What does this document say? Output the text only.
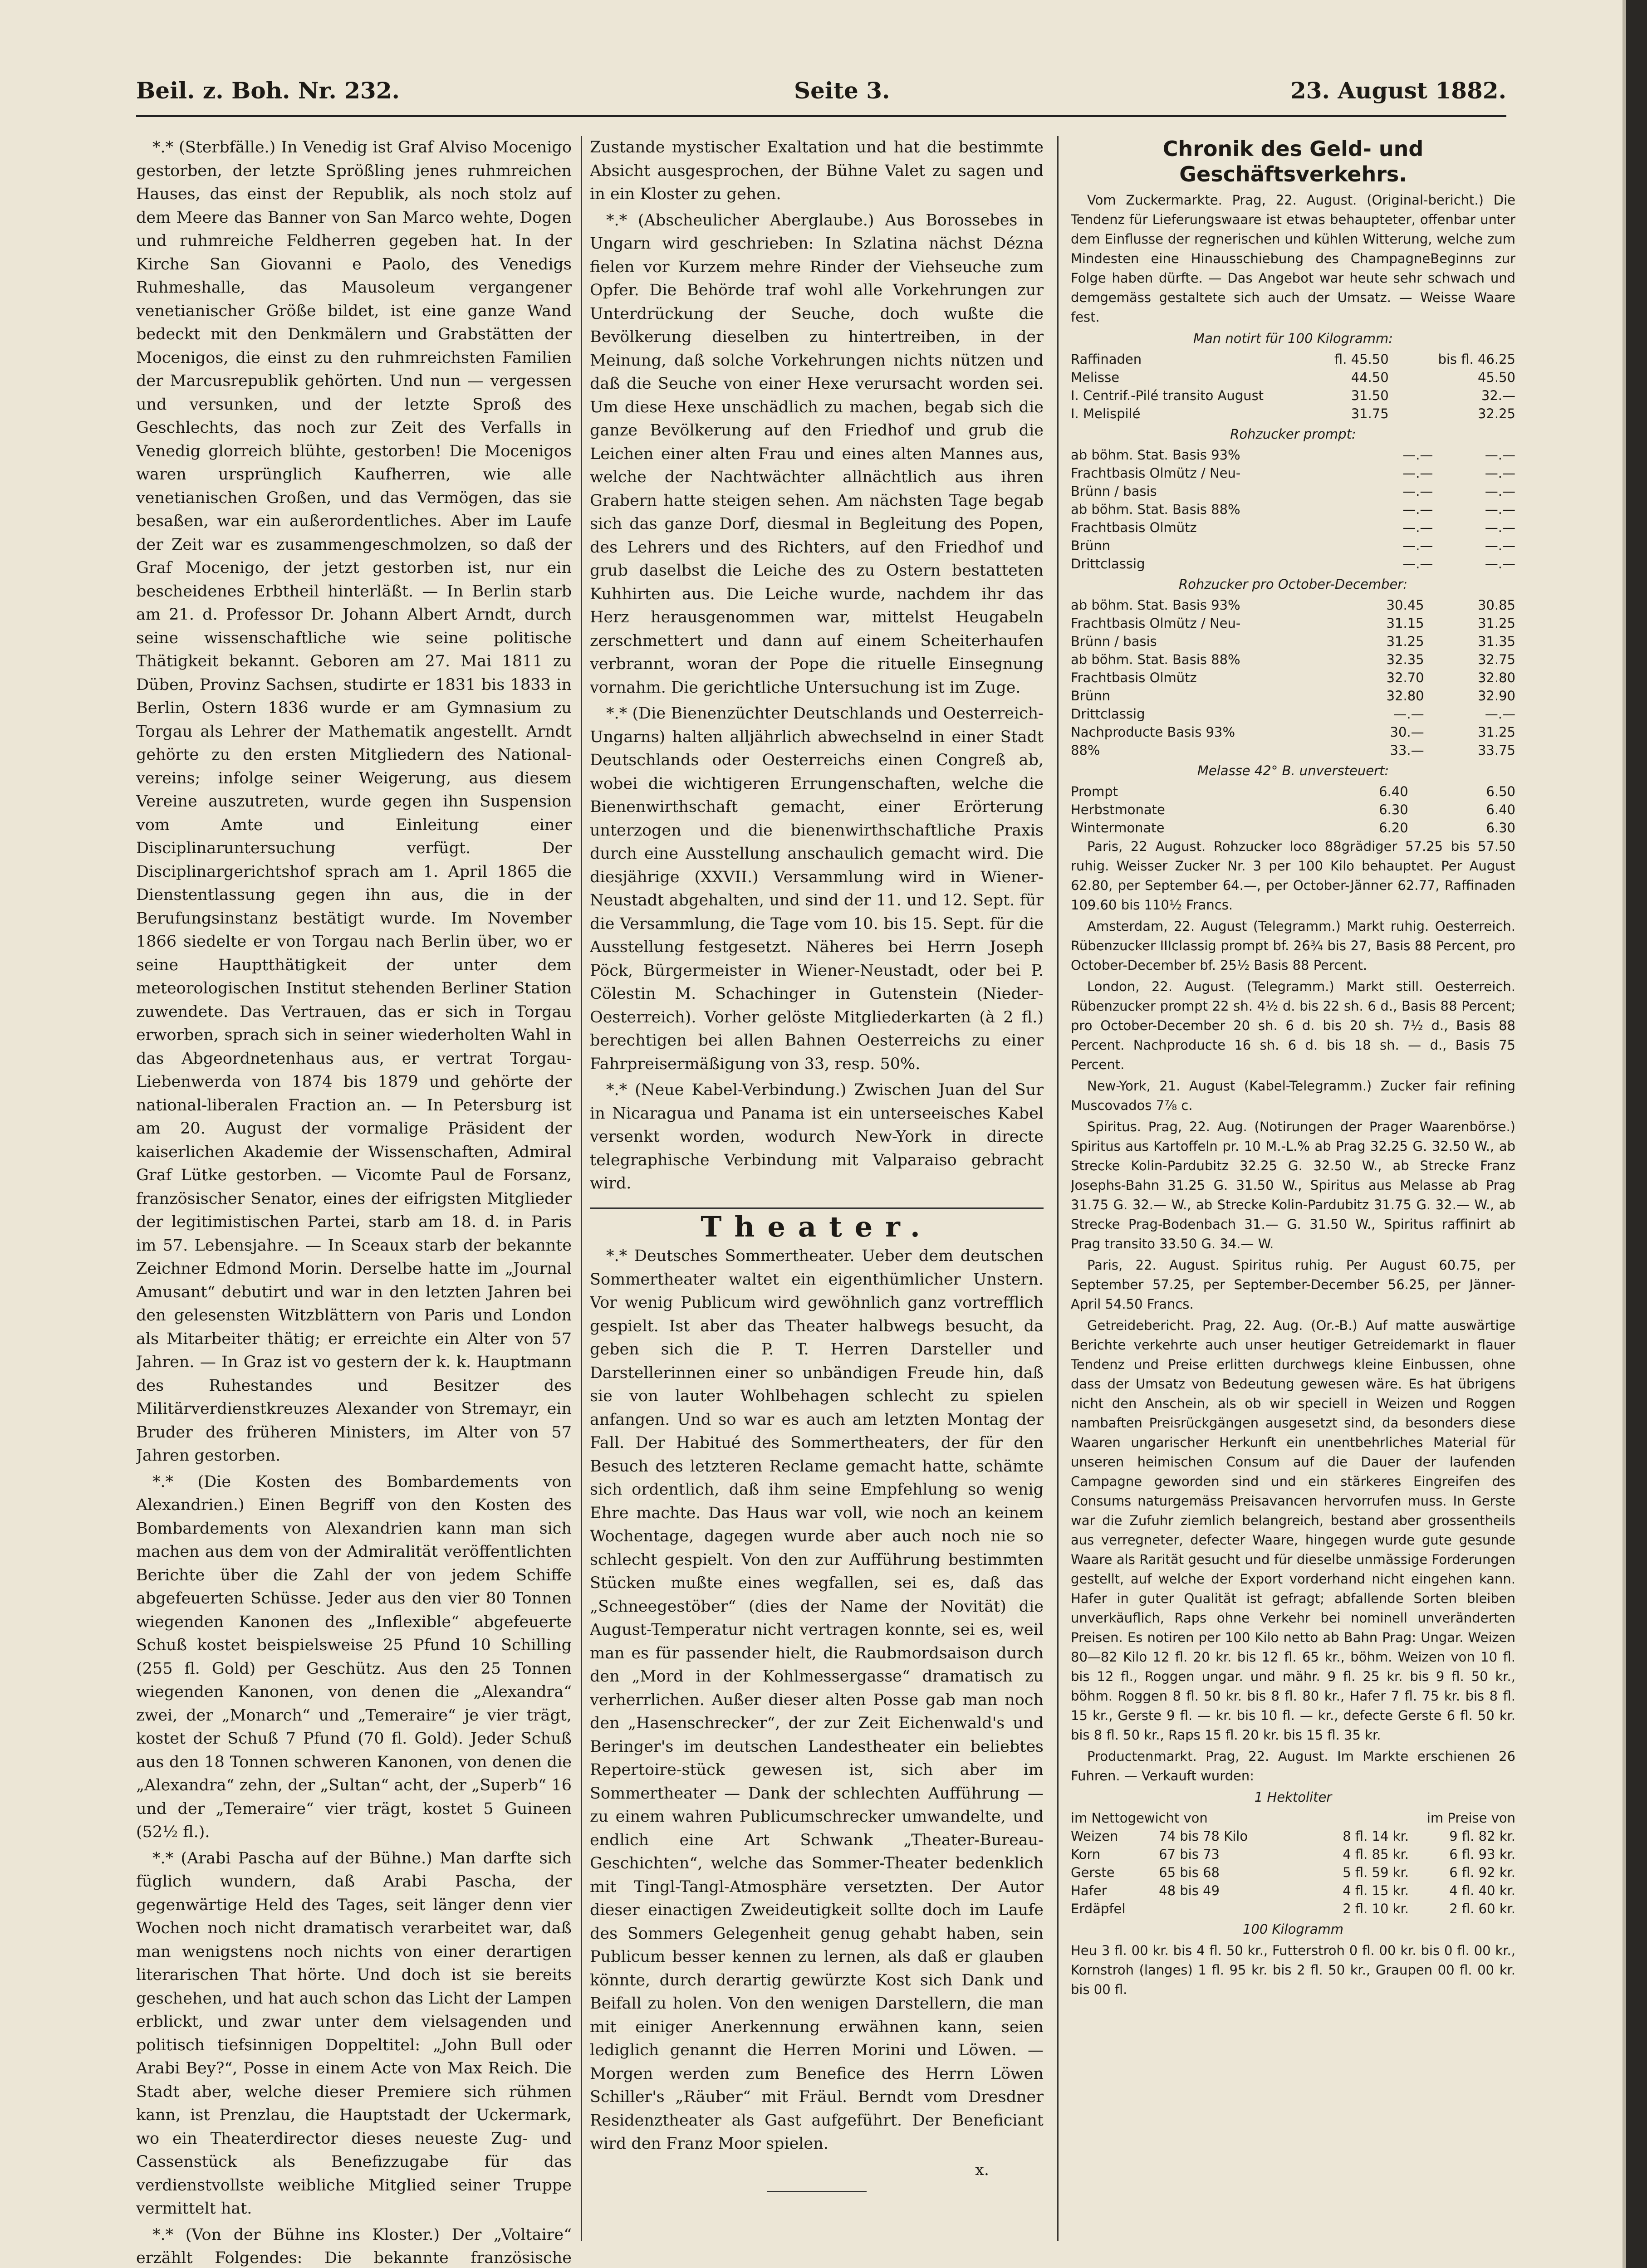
Beil. z. Boh. Nr. 232.	Seite 3.	23. August 1882.

*.* (Sterbfälle.) In Venedig ist Graf Alviso Mocenigo gestorben, der letzte Sprößling jenes ruhmreichen Hauses, das einst der Republik, als noch stolz auf dem Meere das Banner von San Marco wehte, Dogen und ruhmreiche Feldherren gegeben hat. In der Kirche San Giovanni e Paolo, des Venedigs Ruhmeshalle, das Mausoleum vergangener venetianischer Größe bildet, ist eine ganze Wand bedeckt mit den Denkmälern und Grabstätten der Mocenigos, die einst zu den ruhmreichsten Familien der Marcusrepublik gehörten. Und nun — vergessen und versunken, und der letzte Sproß des Geschlechts, das noch zur Zeit des Verfalls in Venedig glorreich blühte, gestorben! Die Mocenigos waren ursprünglich Kaufherren, wie alle venetianischen Großen, und das Vermögen, das sie besaßen, war ein außerordentliches. Aber im Laufe der Zeit war es zusammengeschmolzen, so daß der Graf Mocenigo, der jetzt gestorben ist, nur ein bescheidenes Erbtheil hinterläßt. — In Berlin starb am 21. d. Professor Dr. Johann Albert Arndt, durch seine wissenschaftliche wie seine politische Thätigkeit bekannt. Geboren am 27. Mai 1811 zu Düben, Provinz Sachsen, studirte er 1831 bis 1833 in Berlin, Ostern 1836 wurde er am Gymnasium zu Torgau als Lehrer der Mathematik angestellt. Arndt gehörte zu den ersten Mitgliedern des National-vereins; infolge seiner Weigerung, aus diesem Vereine auszutreten, wurde gegen ihn Suspension vom Amte und Einleitung einer Disciplinaruntersuchung verfügt. Der Disciplinargerichtshof sprach am 1. April 1865 die Dienstentlassung gegen ihn aus, die in der Berufungsinstanz bestätigt wurde. Im November 1866 siedelte er von Torgau nach Berlin über, wo er seine Hauptthätigkeit der unter dem meteorologischen Institut stehenden Berliner Station zuwendete. Das Vertrauen, das er sich in Torgau erworben, sprach sich in seiner wiederholten Wahl in das Abgeordnetenhaus aus, er vertrat Torgau-Liebenwerda von 1874 bis 1879 und gehörte der national-liberalen Fraction an. — In Petersburg ist am 20. August der vormalige Präsident der kaiserlichen Akademie der Wissenschaften, Admiral Graf Lütke gestorben. — Vicomte Paul de Forsanz, französischer Senator, eines der eifrigsten Mitglieder der legitimistischen Partei, starb am 18. d. in Paris im 57. Lebensjahre. — In Sceaux starb der bekannte Zeichner Edmond Morin. Derselbe hatte im „Journal Amusant“ debutirt und war in den letzten Jahren bei den gelesensten Witzblättern von Paris und London als Mitarbeiter thätig; er erreichte ein Alter von 57 Jahren. — In Graz ist vo gestern der k. k. Hauptmann des Ruhestandes und Besitzer des Militärverdienstkreuzes Alexander von Stremayr, ein Bruder des früheren Ministers, im Alter von 57 Jahren gestorben.

*.* (Die Kosten des Bombardements von Alexandrien.) Einen Begriff von den Kosten des Bombardements von Alexandrien kann man sich machen aus dem von der Admiralität veröffentlichten Berichte über die Zahl der von jedem Schiffe abgefeuerten Schüsse. Jeder aus den vier 80 Tonnen wiegenden Kanonen des „Inflexible“ abgefeuerte Schuß kostet beispielsweise 25 Pfund 10 Schilling (255 fl. Gold) per Geschütz. Aus den 25 Tonnen wiegenden Kanonen, von denen die „Alexandra“ zwei, der „Monarch“ und „Temeraire“ je vier trägt, kostet der Schuß 7 Pfund (70 fl. Gold). Jeder Schuß aus den 18 Tonnen schweren Kanonen, von denen die „Alexandra“ zehn, der „Sultan“ acht, der „Superb“ 16 und der „Temeraire“ vier trägt, kostet 5 Guineen (52½ fl.).

*.* (Arabi Pascha auf der Bühne.) Man darfte sich füglich wundern, daß Arabi Pascha, der gegenwärtige Held des Tages, seit länger denn vier Wochen noch nicht dramatisch verarbeitet war, daß man wenigstens noch nichts von einer derartigen literarischen That hörte. Und doch ist sie bereits geschehen, und hat auch schon das Licht der Lampen erblickt, und zwar unter dem vielsagenden und politisch tiefsinnigen Doppeltitel: „John Bull oder Arabi Bey?“, Posse in einem Acte von Max Reich. Die Stadt aber, welche dieser Premiere sich rühmen kann, ist Prenzlau, die Hauptstadt der Uckermark, wo ein Theaterdirector dieses neueste Zug- und Cassenstück als Benefizzugabe für das verdienstvollste weibliche Mitglied seiner Truppe vermittelt hat.

*.* (Von der Bühne ins Kloster.) Der „Voltaire“ erzählt Folgendes: Die bekannte französische

Zustande mystischer Exaltation und hat die bestimmte Absicht ausgesprochen, der Bühne Valet zu sagen und in ein Kloster zu gehen.

*.* (Abscheulicher Aberglaube.) Aus Borossebes in Ungarn wird geschrieben: In Szlatina nächst Dézna fielen vor Kurzem mehre Rinder der Viehseuche zum Opfer. Die Behörde traf wohl alle Vorkehrungen zur Unterdrückung der Seuche, doch wußte die Bevölkerung dieselben zu hintertreiben, in der Meinung, daß solche Vorkehrungen nichts nützen und daß die Seuche von einer Hexe verursacht worden sei. Um diese Hexe unschädlich zu machen, begab sich die ganze Bevölkerung auf den Friedhof und grub die Leichen einer alten Frau und eines alten Mannes aus, welche der Nachtwächter allnächtlich aus ihren Grabern hatte steigen sehen. Am nächsten Tage begab sich das ganze Dorf, diesmal in Begleitung des Popen, des Lehrers und des Richters, auf den Friedhof und grub daselbst die Leiche des zu Ostern bestatteten Kuhhirten aus. Die Leiche wurde, nachdem ihr das Herz herausgenommen war, mittelst Heugabeln zerschmettert und dann auf einem Scheiterhaufen verbrannt, woran der Pope die rituelle Einsegnung vornahm. Die gerichtliche Untersuchung ist im Zuge.

*.* (Die Bienenzüchter Deutschlands und Oesterreich-Ungarns) halten alljährlich abwechselnd in einer Stadt Deutschlands oder Oesterreichs einen Congreß ab, wobei die wichtigeren Errungenschaften, welche die Bienenwirthschaft gemacht, einer Erörterung unterzogen und die bienenwirthschaftliche Praxis durch eine Ausstellung anschaulich gemacht wird. Die diesjährige (XXVII.) Versammlung wird in Wiener-Neustadt abgehalten, und sind der 11. und 12. Sept. für die Versammlung, die Tage vom 10. bis 15. Sept. für die Ausstellung festgesetzt. Näheres bei Herrn Joseph Pöck, Bürgermeister in Wiener-Neustadt, oder bei P. Cölestin M. Schachinger in Gutenstein (Nieder-Oesterreich). Vorher gelöste Mitgliederkarten (à 2 fl.) berechtigen bei allen Bahnen Oesterreichs zu einer Fahrpreisermäßigung von 33, resp. 50%.

*.* (Neue Kabel-Verbindung.) Zwischen Juan del Sur in Nicaragua und Panama ist ein unterseeisches Kabel versenkt worden, wodurch New-York in directe telegraphische Verbindung mit Valparaiso gebracht wird.

Theater.

*.* Deutsches Sommertheater. Ueber dem deutschen Sommertheater waltet ein eigenthümlicher Unstern. Vor wenig Publicum wird gewöhnlich ganz vortrefflich gespielt. Ist aber das Theater halbwegs besucht, da geben sich die P. T. Herren Darsteller und Darstellerinnen einer so unbändigen Freude hin, daß sie von lauter Wohlbehagen schlecht zu spielen anfangen. Und so war es auch am letzten Montag der Fall. Der Habitué des Sommertheaters, der für den Besuch des letzteren Reclame gemacht hatte, schämte sich ordentlich, daß ihm seine Empfehlung so wenig Ehre machte. Das Haus war voll, wie noch an keinem Wochentage, dagegen wurde aber auch noch nie so schlecht gespielt. Von den zur Aufführung bestimmten Stücken mußte eines wegfallen, sei es, daß das „Schneegestöber“ (dies der Name der Novität) die August-Temperatur nicht vertragen konnte, sei es, weil man es für passender hielt, die Raubmordsaison durch den „Mord in der Kohlmessergasse“ dramatisch zu verherrlichen. Außer dieser alten Posse gab man noch den „Hasenschrecker“, der zur Zeit Eichenwald's und Beringer's im deutschen Landestheater ein beliebtes Repertoire-stück gewesen ist, sich aber im Sommertheater — Dank der schlechten Aufführung — zu einem wahren Publicumschrecker umwandelte, und endlich eine Art Schwank „Theater-Bureau-Geschichten“, welche das Sommer-Theater bedenklich mit Tingl-Tangl-Atmosphäre versetzten. Der Autor dieser einactigen Zweideutigkeit sollte doch im Laufe des Sommers Gelegenheit genug gehabt haben, sein Publicum besser kennen zu lernen, als daß er glauben könnte, durch derartig gewürzte Kost sich Dank und Beifall zu holen. Von den wenigen Darstellern, die man mit einiger Anerkennung erwähnen kann, seien lediglich genannt die Herren Morini und Löwen. — Morgen werden zum Benefice des Herrn Löwen Schiller's „Räuber“ mit Fräul. Berndt vom Dresdner Residenztheater als Gast aufgeführt. Der Beneficiant wird den Franz Moor spielen.

x.
Chronik des Geld- und Geschäftsverkehrs.

Vom Zuckermarkte. Prag, 22. August. (Original-bericht.) Die Tendenz für Lieferungswaare ist etwas behaupteter, offenbar unter dem Einflusse der regnerischen und kühlen Witterung, welche zum Mindesten eine Hinausschiebung des ChampagneBeginns zur Folge haben dürfte. — Das Angebot war heute sehr schwach und demgemäss gestaltete sich auch der Umsatz. — Weisse Waare fest.

Man notirt für 100 Kilogramm:
Raffinaden	fl. 45.50		bis fl. 46.25
Melisse	44.50		45.50
I. Centrif.-Pilé transito August	31.50		32.—
I. Melispilé	31.75		32.25
Rohzucker prompt:
ab böhm. Stat. Basis 93%	—.—		—.—
Frachtbasis Olmütz / Neu-	—.—		—.—
Brünn / basis	—.—		—.—
ab böhm. Stat. Basis 88%	—.—		—.—
Frachtbasis Olmütz	—.—		—.—
Brünn	—.—		—.—
Drittclassig	—.—		—.—
Rohzucker pro October-December:
ab böhm. Stat. Basis 93%	30.45		30.85
Frachtbasis Olmütz / Neu-	31.15		31.25
Brünn / basis	31.25		31.35
ab böhm. Stat. Basis 88%	32.35		32.75
Frachtbasis Olmütz	32.70		32.80
Brünn	32.80		32.90
Drittclassig	—.—		—.—
Nachproducte Basis 93%	30.—		31.25
88%	33.—		33.75
Melasse 42° B. unversteuert:
Prompt	6.40		6.50
Herbstmonate	6.30		6.40
Wintermonate	6.20		6.30

Paris, 22 August. Rohzucker loco 88grädiger 57.25 bis 57.50 ruhig. Weisser Zucker Nr. 3 per 100 Kilo behauptet. Per August 62.80, per September 64.—, per October-Jänner 62.77, Raffinaden 109.60 bis 110½ Francs.

Amsterdam, 22. August (Telegramm.) Markt ruhig. Oesterreich. Rübenzucker IIIclassig prompt bf. 26¾ bis 27, Basis 88 Percent, pro October-December bf. 25½ Basis 88 Percent.

London, 22. August. (Telegramm.) Markt still. Oesterreich. Rübenzucker prompt 22 sh. 4½ d. bis 22 sh. 6 d., Basis 88 Percent; pro October-December 20 sh. 6 d. bis 20 sh. 7½ d., Basis 88 Percent. Nachproducte 16 sh. 6 d. bis 18 sh. — d., Basis 75 Percent.

New-York, 21. August (Kabel-Telegramm.) Zucker fair refining Muscovados 7⅞ c.

Spiritus. Prag, 22. Aug. (Notirungen der Prager Waarenbörse.) Spiritus aus Kartoffeln pr. 10 M.-L.% ab Prag 32.25 G. 32.50 W., ab Strecke Kolin-Pardubitz 32.25 G. 32.50 W., ab Strecke Franz Josephs-Bahn 31.25 G. 31.50 W., Spiritus aus Melasse ab Prag 31.75 G. 32.— W., ab Strecke Kolin-Pardubitz 31.75 G. 32.— W., ab Strecke Prag-Bodenbach 31.— G. 31.50 W., Spiritus raffinirt ab Prag transito 33.50 G. 34.— W.

Paris, 22. August. Spiritus ruhig. Per August 60.75, per September 57.25, per September-December 56.25, per Jänner-April 54.50 Francs.

Getreidebericht. Prag, 22. Aug. (Or.-B.) Auf matte auswärtige Berichte verkehrte auch unser heutiger Getreidemarkt in flauer Tendenz und Preise erlitten durchwegs kleine Einbussen, ohne dass der Umsatz von Bedeutung gewesen wäre. Es hat übrigens nicht den Anschein, als ob wir speciell in Weizen und Roggen nambaften Preisrückgängen ausgesetzt sind, da besonders diese Waaren ungarischer Herkunft ein unentbehrliches Material für unseren heimischen Consum auf die Dauer der laufenden Campagne geworden sind und ein stärkeres Eingreifen des Consums naturgemäss Preisavancen hervorrufen muss. In Gerste war die Zufuhr ziemlich belangreich, bestand aber grossentheils aus verregneter, defecter Waare, hingegen wurde gute gesunde Waare als Rarität gesucht und für dieselbe unmässige Forderungen gestellt, auf welche der Export vorderhand nicht eingehen kann. Hafer in guter Qualität ist gefragt; abfallende Sorten bleiben unverkäuflich, Raps ohne Verkehr bei nominell unveränderten Preisen. Es notiren per 100 Kilo netto ab Bahn Prag: Ungar. Weizen 80—82 Kilo 12 fl. 20 kr. bis 12 fl. 65 kr., böhm. Weizen von 10 fl. bis 12 fl., Roggen ungar. und mähr. 9 fl. 25 kr. bis 9 fl. 50 kr., böhm. Roggen 8 fl. 50 kr. bis 8 fl. 80 kr., Hafer 7 fl. 75 kr. bis 8 fl. 15 kr., Gerste 9 fl. — kr. bis 10 fl. — kr., defecte Gerste 6 fl. 50 kr. bis 8 fl. 50 kr., Raps 15 fl. 20 kr. bis 15 fl. 35 kr.

Productenmarkt. Prag, 22. August. Im Markte erschienen 26 Fuhren. — Verkauft wurden:

1 Hektoliter
im Nettogewicht von		im Preise von	
Weizen	74 bis 78 Kilo	8 fl. 14 kr.	9 fl. 82 kr.
Korn	67 bis 73	4 fl. 85 kr.	6 fl. 93 kr.
Gerste	65 bis 68	5 fl. 59 kr.	6 fl. 92 kr.
Hafer	48 bis 49	4 fl. 15 kr.	4 fl. 40 kr.
Erdäpfel		2 fl. 10 kr.	2 fl. 60 kr.
100 Kilogramm

Heu 3 fl. 00 kr. bis 4 fl. 50 kr., Futterstroh 0 fl. 00 kr. bis 0 fl. 00 kr., Kornstroh (langes) 1 fl. 95 kr. bis 2 fl. 50 kr., Graupen 00 fl. 00 kr. bis 00 fl.
